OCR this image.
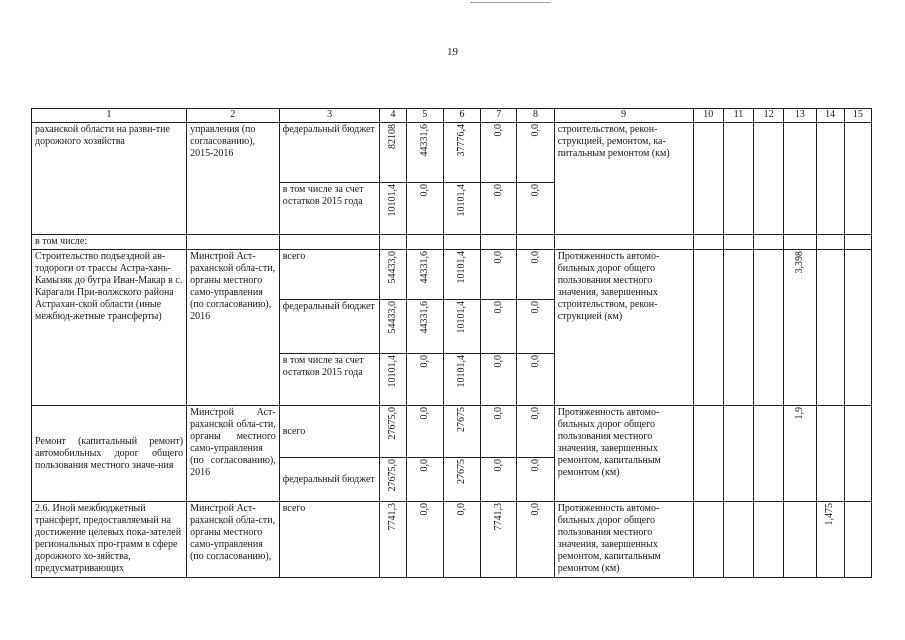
19
1	2	3	4	5	6	7	8	9	10	11	12	13	14	15
раханской области на разви-тие дорожного хозяйства	управления (по согласованию), 2015-2016	федеральный бюджет	82108	44331,6	37776,4	0,0	0,0	строительством, рекон-струкцией, ремонтом, ка-питальным ремонтом (км)						
		в том числе за счет остатков 2015 года	10101,4	0,0	10101,4	0,0	0,0							
в том числе:														
Строительство подъездной ав-тодороги от трассы Астра-хань-Камызяк до бугра Иван-Макар в с. Карагали При-волжского района Астрахан-ской области (иные межбюд-жетные трансферты)	Минстрой Аст-раханской обла-сти, органы местного само-управления (по согласованию), 2016	всего	54433,0	44331,6	10101,4	0,0	0,0	Протяженность автомо-бильных дорог общего пользования местного значения, завершенных строительством, рекон-струкцией (км)				3,398		
		федеральный бюджет	54433,0	44331,6	10101,4	0,0	0,0							
		в том числе за счет остатков 2015 года	10101,4	0,0	10101,4	0,0	0,0							
Ремонт (капитальный ремонт) автомобильных дорог общего пользования местного значе-ния	Минстрой Аст-раханской обла-сти, органы местного само-управления (по согласованию), 2016	всего	27675,0	0,0	27675	0,0	0,0	Протяженность автомо-бильных дорог общего пользования местного значения, завершенных ремонтом, капитальным ремонтом (км)				1,9		
		федеральный бюджет	27675,0	0,0	27675	0,0	0,0							
2.6. Иной межбюджетный трансферт, предоставляемый на достижение целевых пока-зателей региональных про-грамм в сфере дорожного хо-зяйства, предусматривающих	Минстрой Аст-раханской обла-сти, органы местного само-управления (по согласованию),	всего	7741,3	0,0	0,0	7741,3	0,0	Протяженность автомо-бильных дорог общего пользования местного значения, завершенных ремонтом, капитальным ремонтом (км)					1,475	
